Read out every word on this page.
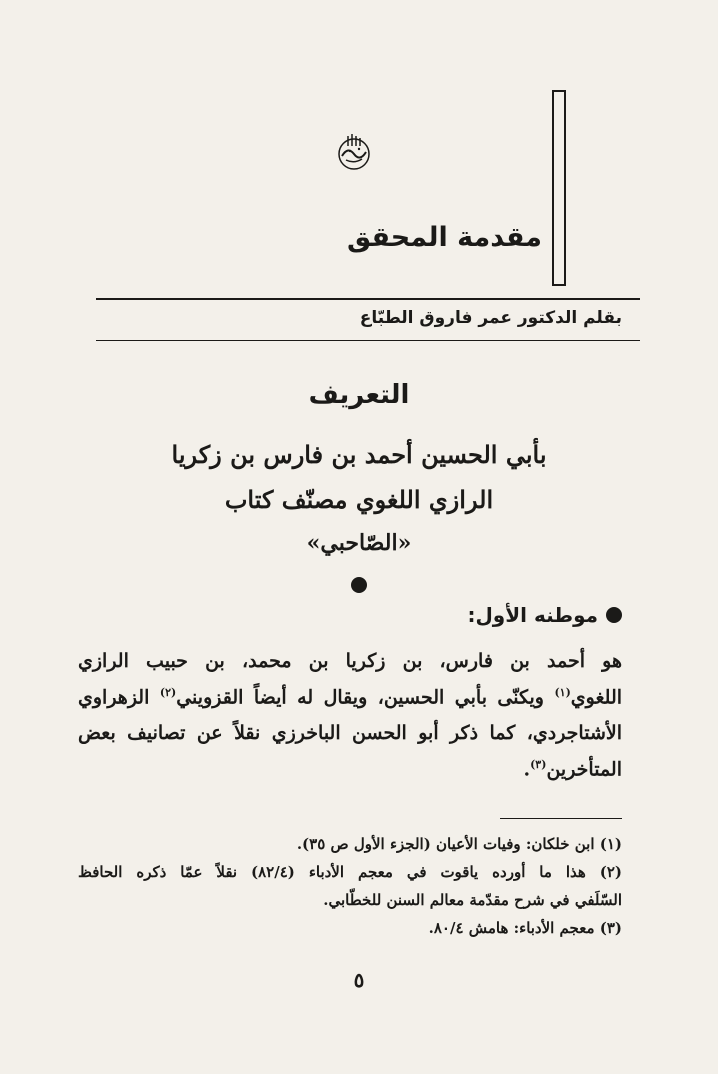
مقدمة المحقق
بقلم الدكتور عمر فاروق الطبّاع
التعريف
بأبي الحسين أحمد بن فارس بن زكريا
الرازي اللغوي مصنّف كتاب
«الصّاحبي»
موطنه الأول:
هو أحمد بن فارس، بن زكريا بن محمد، بن حبيب الرازي
اللغوي$^{(١)}$ ويكنّى بأبي الحسين، ويقال له أيضاً القزويني$^{(٢)}$ الزهراوي
الأشتاجردي، كما ذكر أبو الحسن الباخرزي نقلاً عن تصانيف بعض
المتأخرين$^{(٣)}$.
(١) ابن خلكان: وفيات الأعيان (الجزء الأول ص ٣٥).
(٢) هذا ما أورده ياقوت في معجم الأدباء (٨٢/٤) نقلاً عمّا ذكره الحافظ
السّلَفي في شرح مقدّمة معالم السنن للخطّابي.
(٣) معجم الأدباء: هامش ٨٠/٤.
٥
